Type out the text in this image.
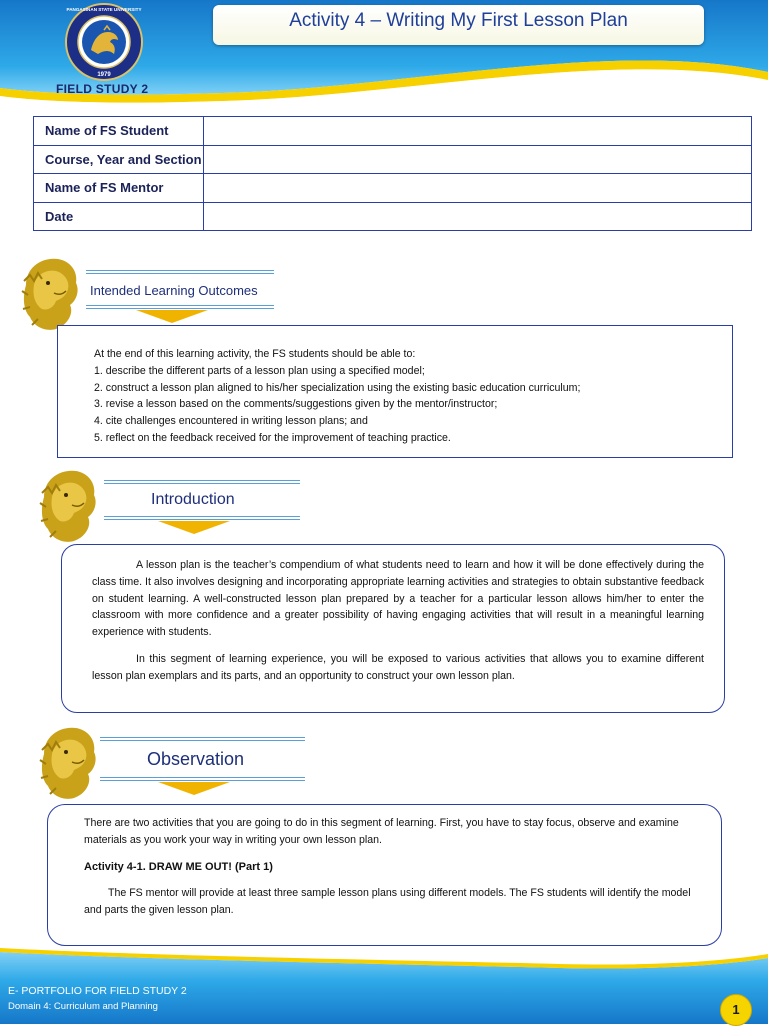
1979
PANGASINAN STATE UNIVERSITY
FIELD STUDY 2
Activity 4 – Writing My First Lesson Plan
Name of FS Student	
Course, Year and Section	
Name of FS Mentor	
Date	
Intended Learning Outcomes

At the end of this learning activity, the FS students should be able to:

1. describe the different parts of a lesson plan using a specified model;

2. construct a lesson plan aligned to his/her specialization using the existing basic education curriculum;

3. revise a lesson based on the comments/suggestions given by the mentor/instructor;

4. cite challenges encountered in writing lesson plans; and

5. reflect on the feedback received for the improvement of teaching practice.

Introduction

A lesson plan is the teacher’s compendium of what students need to learn and how it will be done effectively during the class time. It also involves designing and incorporating appropriate learning activities and strategies to obtain substantive feedback on student learning. A well-constructed lesson plan prepared by a teacher for a particular lesson allows him/her to enter the classroom with more confidence and a greater possibility of having engaging activities that will result in a meaningful learning experience with students.

In this segment of learning experience, you will be exposed to various activities that allows you to examine different lesson plan exemplars and its parts, and an opportunity to construct your own lesson plan.

Observation

There are two activities that you are going to do in this segment of learning. First, you have to stay focus, observe and examine materials as you work your way in writing your own lesson plan.

Activity 4-1. DRAW ME OUT! (Part 1)

The FS mentor will provide at least three sample lesson plans using different models. The FS students will identify the model and parts the given lesson plan.

E- PORTFOLIO FOR FIELD STUDY 2
Domain 4: Curriculum and Planning	1
